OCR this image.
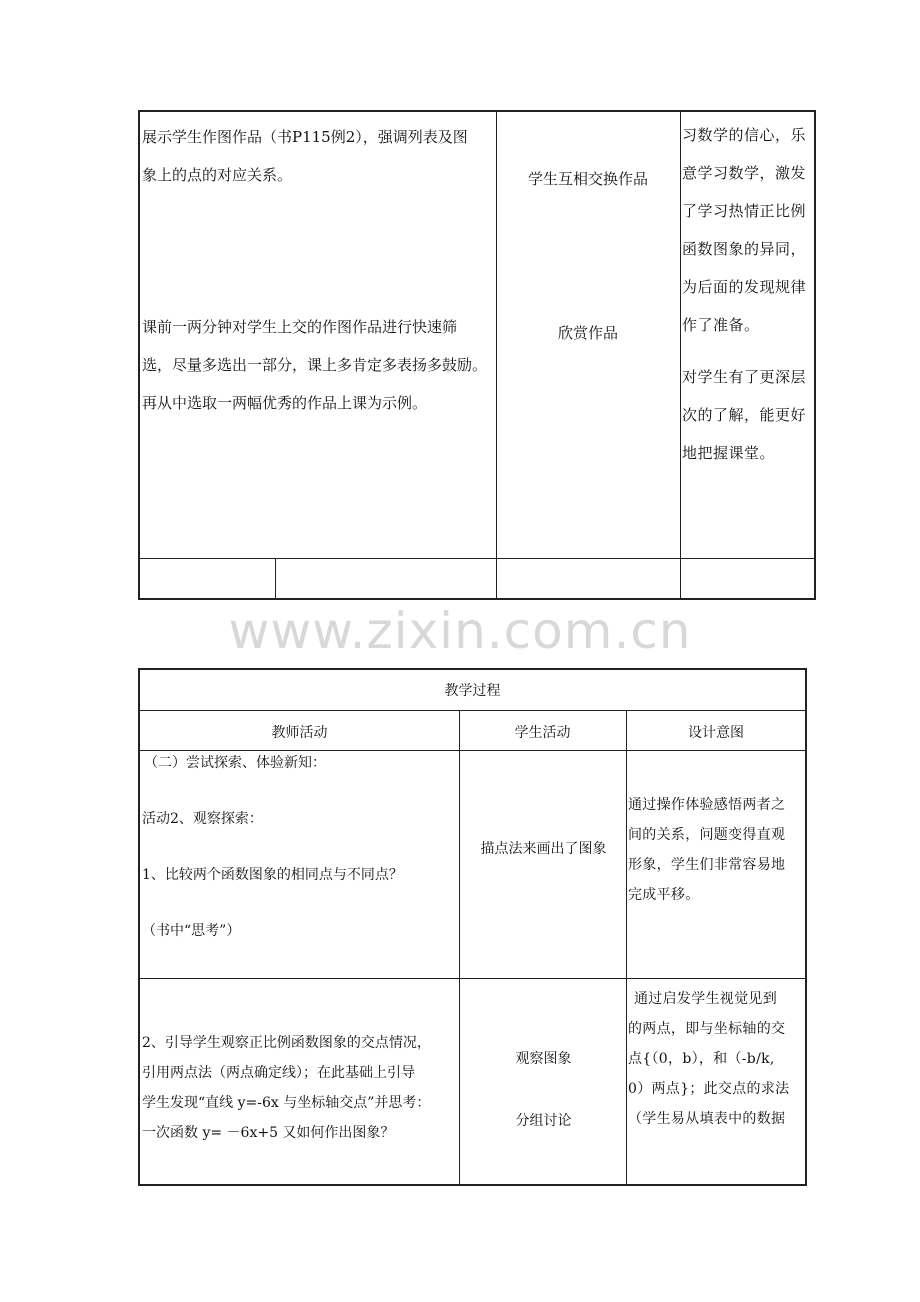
展示学生作图作品（书P115例2），强调列表及图
象上的点的对应关系。
课前一两分钟对学生上交的作图作品进行快速筛
选，尽量多选出一部分，课上多肯定多表扬多鼓励。
再从中选取一两幅优秀的作品上课为示例。
学生互相交换作品
欣赏作品
习数学的信心，乐
意学习数学，激发
了学习热情正比例
函数图象的异同，
为后面的发现规律
作了准备。
对学生有了更深层
次的了解，能更好
地把握课堂。
www.zixin.com.cn
教学过程
教师活动	学生活动	设计意图
（二）尝试探索、体验新知：
活动2、观察探索：
1、比较两个函数图象的相同点与不同点？
（书中“思考”）
描点法来画出了图象
通过操作体验感悟两者之
间的关系，问题变得直观
形象，学生们非常容易地
完成平移。
2、引导学生观察正比例函数图象的交点情况，
引用两点法（两点确定线）；在此基础上引导
学生发现“直线 y=-6x 与坐标轴交点”并思考：
一次函数 y= －6x+5 又如何作出图象？
观察图象
分组讨论
通过启发学生视觉见到
的两点，即与坐标轴的交
点{（0，b），和（-b/k,
0）两点}；此交点的求法
（学生易从填表中的数据
